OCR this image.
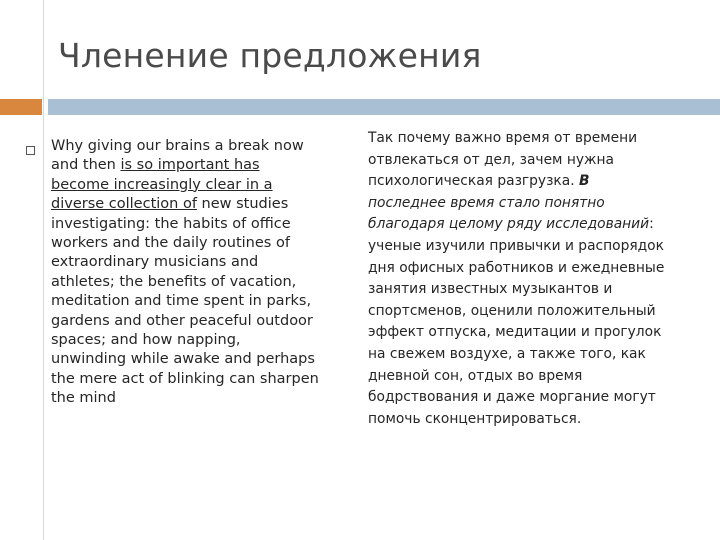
Членение предложения
Why giving our brains a break now and then is so important has become increasingly clear in a diverse collection of new studies investigating: the habits of office workers and the daily routines of extraordinary musicians and athletes; the benefits of vacation, meditation and time spent in parks, gardens and other peaceful outdoor spaces; and how napping, unwinding while awake and perhaps the mere act of blinking can sharpen the mind
Так почему важно время от времени отвлекаться от дел, зачем нужна психологическая разгрузка. В последнее время стало понятно благодаря целому ряду исследований: ученые изучили привычки и распорядок дня офисных работников и ежедневные занятия известных музыкантов и спортсменов, оценили положительный эффект отпуска, медитации и прогулок на свежем воздухе, а также того, как дневной сон, отдых во время бодрствования и даже моргание могут помочь сконцентрироваться.
